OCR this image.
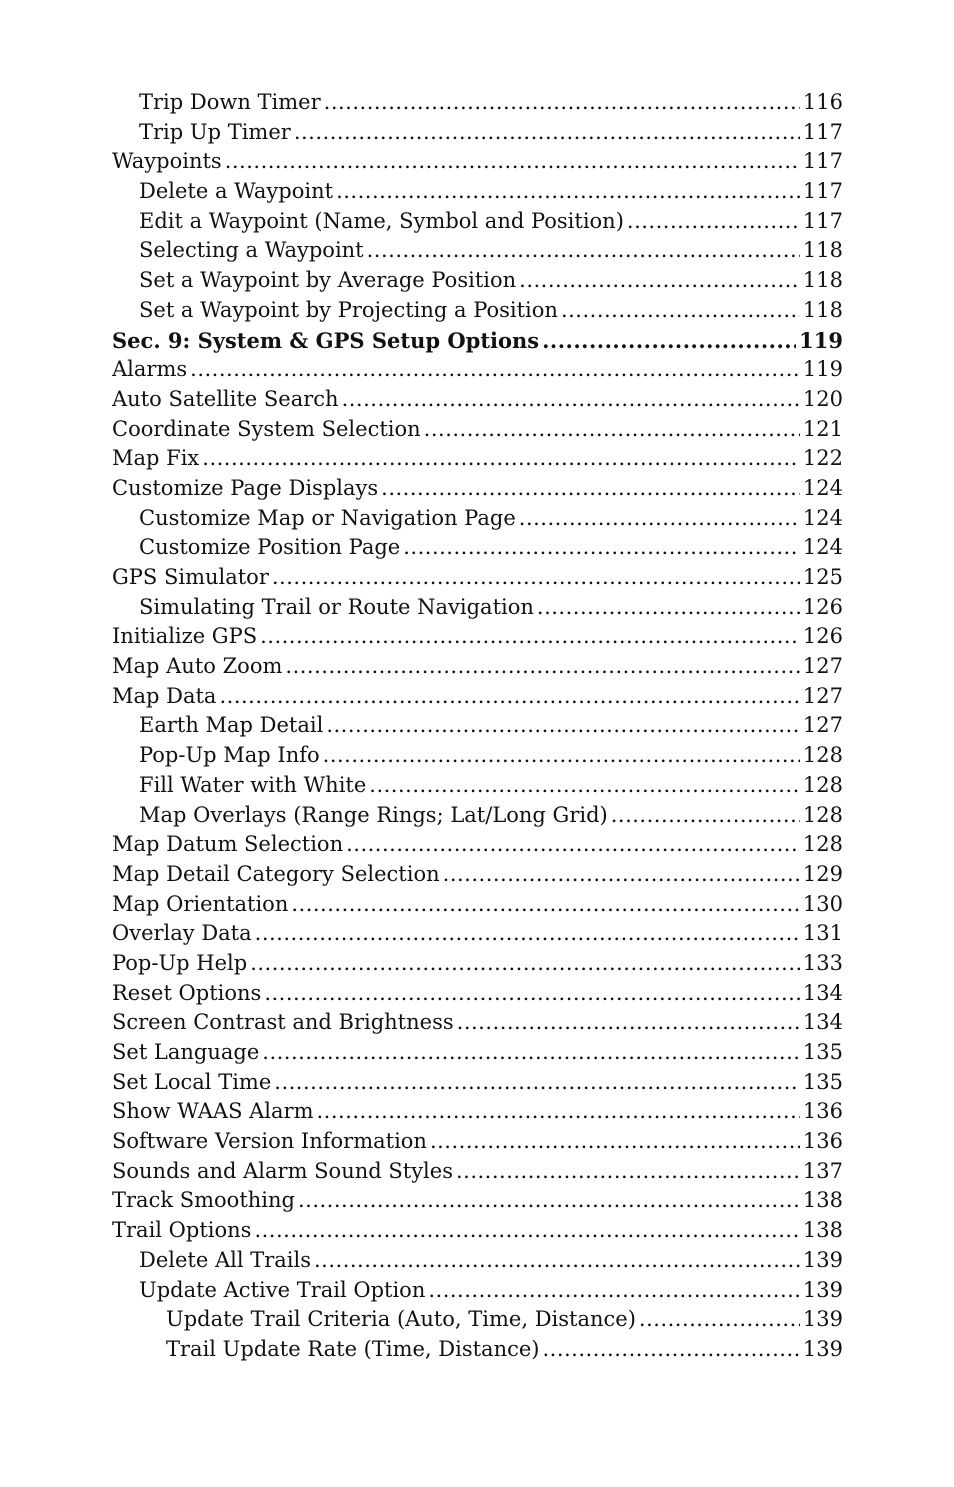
Trip Down Timer .....	116
Trip Up Timer .....	117
Waypoints .....	117
Delete a Waypoint .....	117
Edit a Waypoint (Name, Symbol and Position) .....	117
Selecting a Waypoint .....	118
Set a Waypoint by Average Position .....	118
Set a Waypoint by Projecting a Position .....	118
Sec. 9: System & GPS Setup Options .....	119
Alarms .....	119
Auto Satellite Search .....	120
Coordinate System Selection .....	121
Map Fix .....	122
Customize Page Displays .....	124
Customize Map or Navigation Page .....	124
Customize Position Page .....	124
GPS Simulator .....	125
Simulating Trail or Route Navigation .....	126
Initialize GPS .....	126
Map Auto Zoom .....	127
Map Data .....	127
Earth Map Detail .....	127
Pop-Up Map Info .....	128
Fill Water with White .....	128
Map Overlays (Range Rings; Lat/Long Grid) .....	128
Map Datum Selection .....	128
Map Detail Category Selection .....	129
Map Orientation .....	130
Overlay Data .....	131
Pop-Up Help .....	133
Reset Options .....	134
Screen Contrast and Brightness .....	134
Set Language .....	135
Set Local Time .....	135
Show WAAS Alarm .....	136
Software Version Information .....	136
Sounds and Alarm Sound Styles .....	137
Track Smoothing .....	138
Trail Options .....	138
Delete All Trails .....	139
Update Active Trail Option .....	139
Update Trail Criteria (Auto, Time, Distance) .....	139
Trail Update Rate (Time, Distance) .....	139
